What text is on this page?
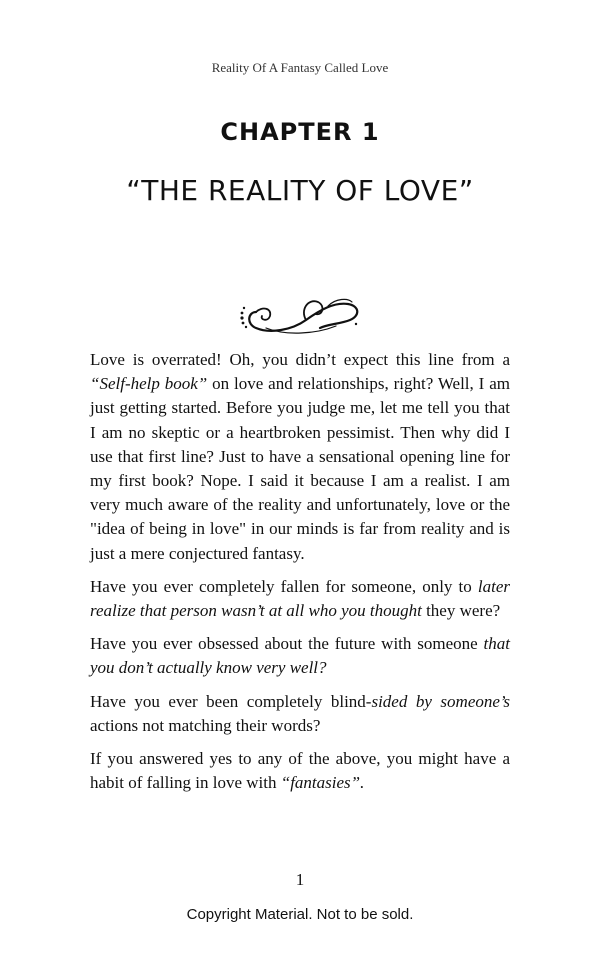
Reality Of A Fantasy Called Love
CHAPTER 1
“THE REALITY OF LOVE”

Love is overrated! Oh, you didn’t expect this line from a “Self-help book” on love and relationships, right? Well, I am just getting started. Before you judge me, let me tell you that I am no skeptic or a heartbroken pessimist. Then why did I use that first line? Just to have a sensational opening line for my first book? Nope. I said it because I am a realist. I am very much aware of the reality and unfortunately, love or the "idea of being in love" in our minds is far from reality and is just a mere conjectured fantasy.

Have you ever completely fallen for someone, only to later realize that person wasn’t at all who you thought they were?

Have you ever obsessed about the future with someone that you don’t actually know very well?

Have you ever been completely blind-sided by someone’s actions not matching their words?

If you answered yes to any of the above, you might have a habit of falling in love with “fantasies”.

1
Copyright Material. Not to be sold.
